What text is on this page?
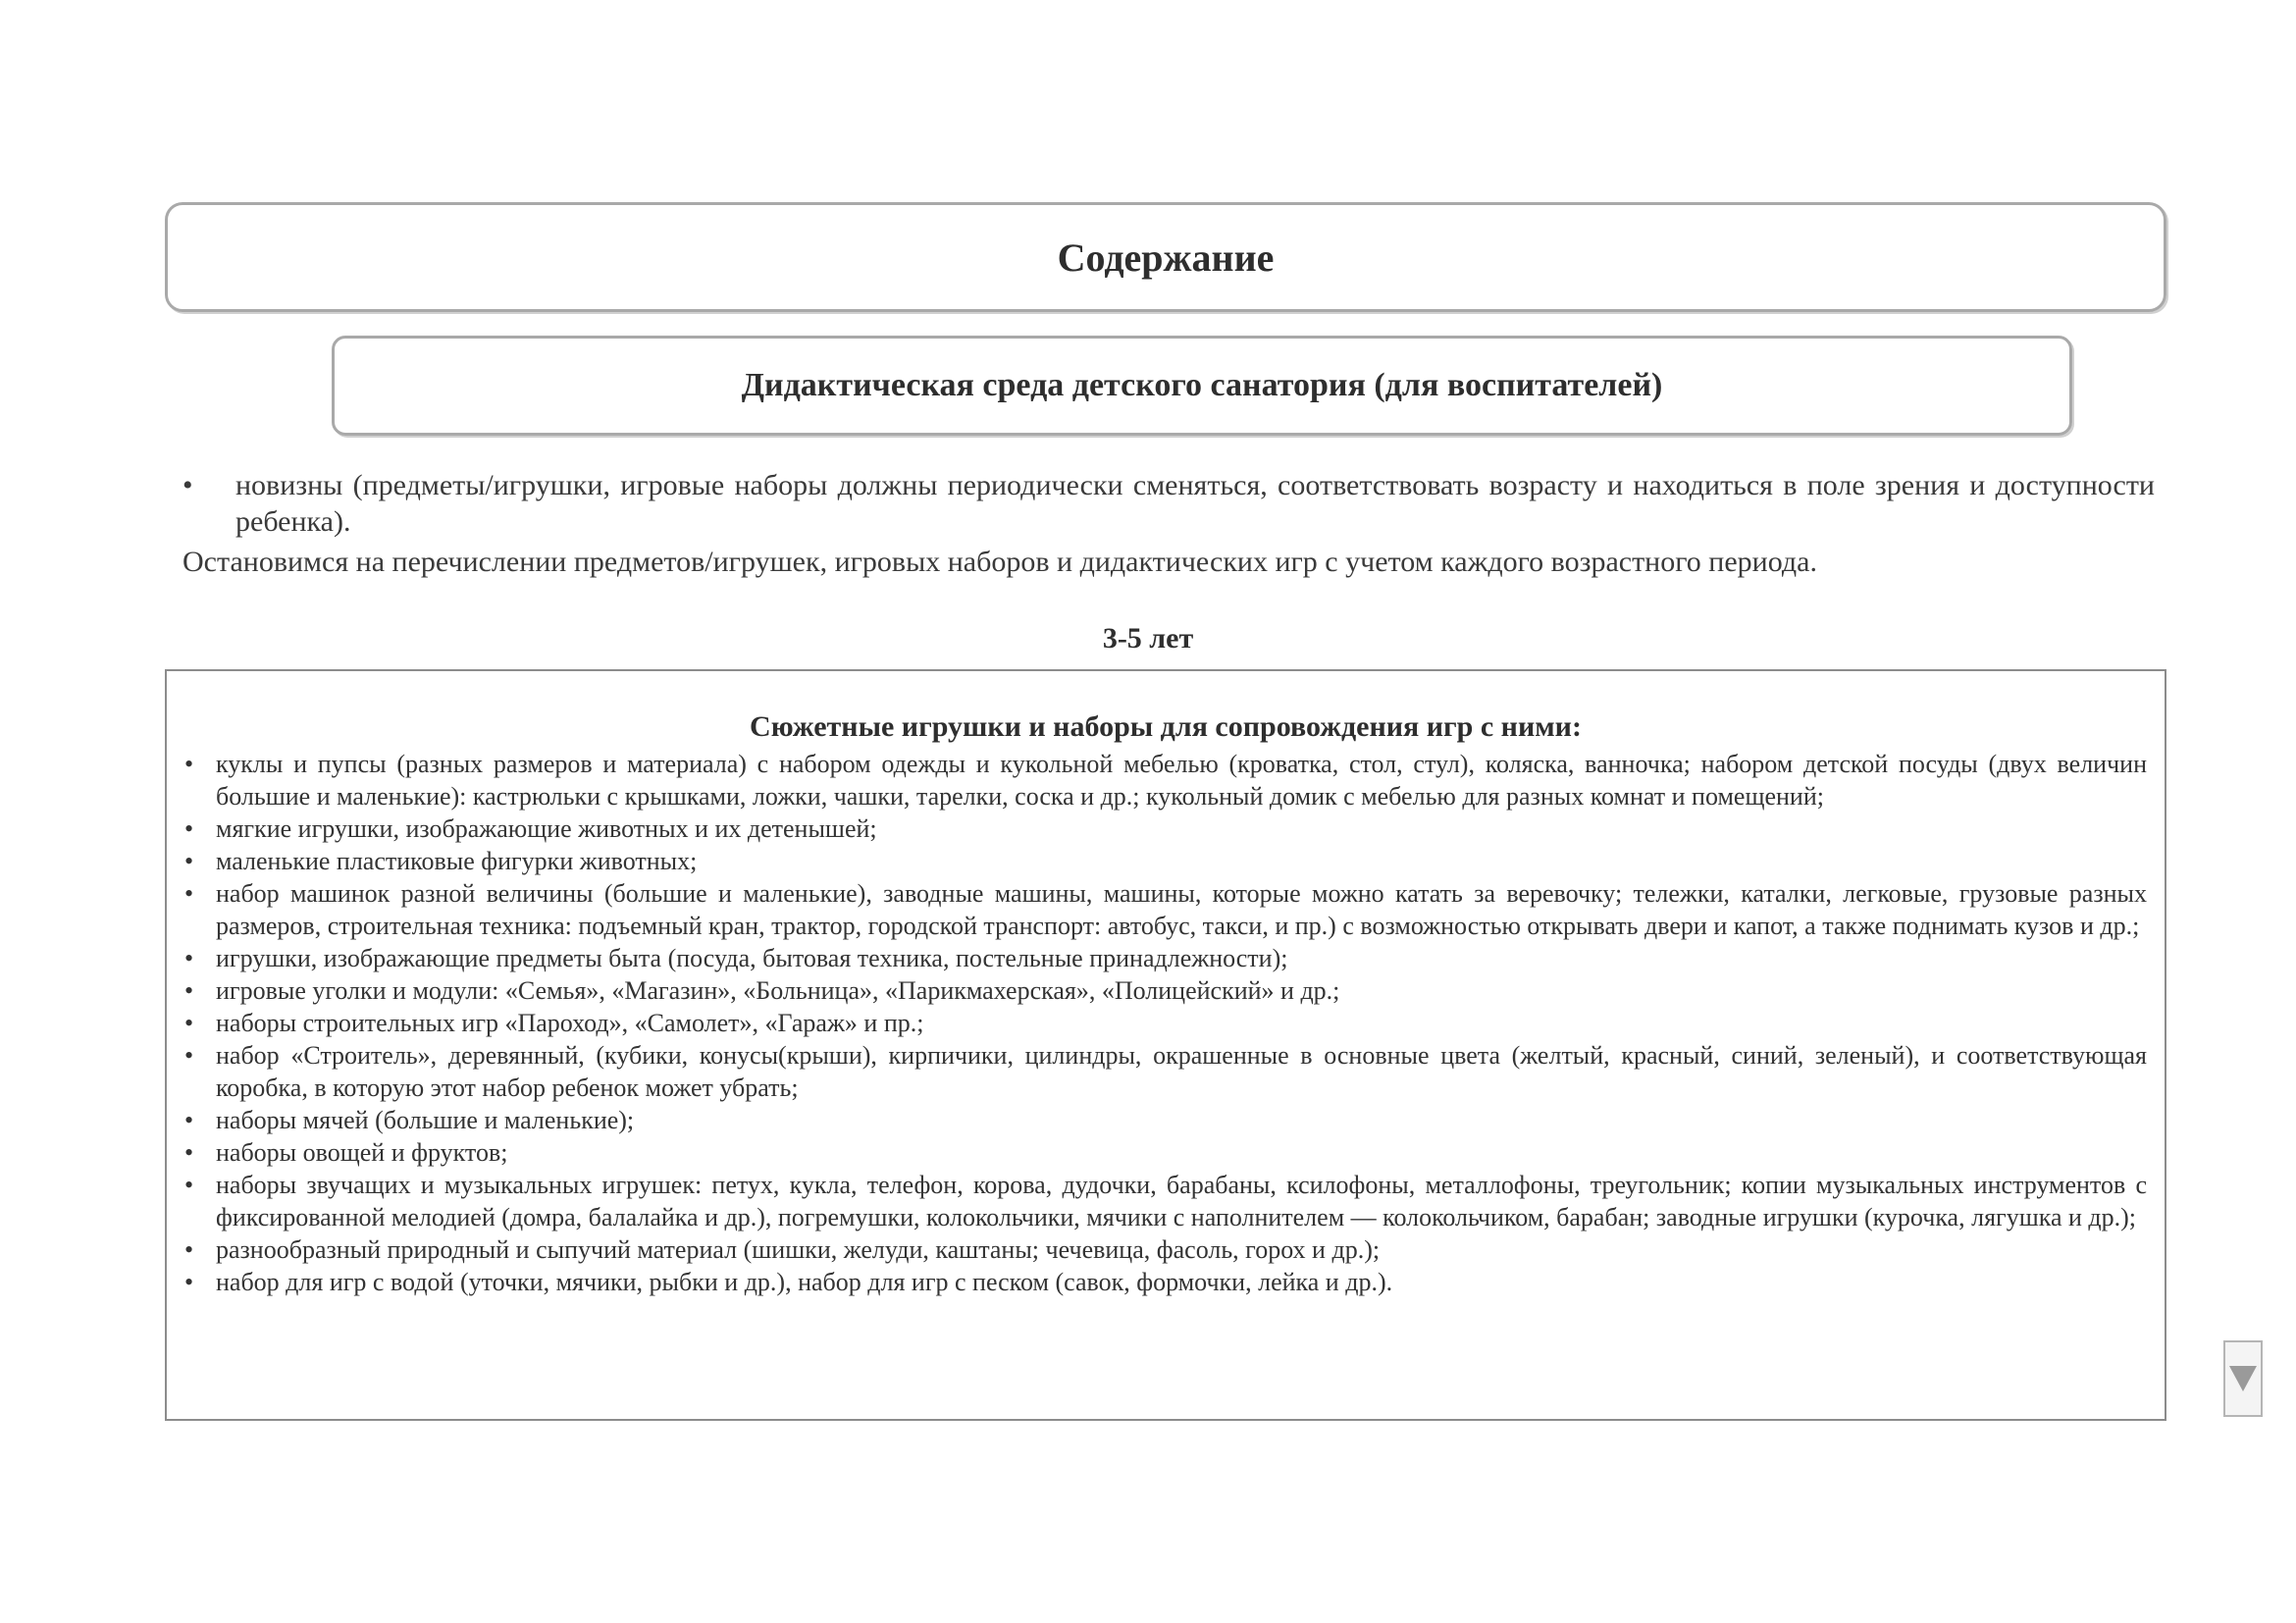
Содержание
Дидактическая среда детского санатория (для воспитателей)
• новизны (предметы/игрушки, игровые наборы должны периодически сменяться, соответствовать возрасту и находиться в поле зрения и доступности ребенка).

Остановимся на перечислении предметов/игрушек, игровых наборов и дидактических игр с учетом каждого возрастного периода.

3-5 лет
Сюжетные игрушки и наборы для сопровождения игр с ними:
• куклы и пупсы (разных размеров и материала) с набором одежды и кукольной мебелью (кроватка, стол, стул), коляска, ванночка; набором детской посуды (двух величин большие и маленькие): кастрюльки с крышками, ложки, чашки, тарелки, соска и др.; кукольный домик с мебелью для разных комнат и помещений;
• мягкие игрушки, изображающие животных и их детенышей;
• маленькие пластиковые фигурки животных;
• набор машинок разной величины (большие и маленькие), заводные машины, машины, которые можно катать за веревочку; тележки, каталки, легковые, грузовые разных размеров, строительная техника: подъемный кран, трактор, городской транспорт: автобус, такси, и пр.) с возможностью открывать двери и капот, а также поднимать кузов и др.;
• игрушки, изображающие предметы быта (посуда, бытовая техника, постельные принадлежности);
• игровые уголки и модули: «Семья», «Магазин», «Больница», «Парикмахерская», «Полицейский» и др.;
• наборы строительных игр «Пароход», «Самолет», «Гараж» и пр.;
• набор «Строитель», деревянный, (кубики, конусы(крыши), кирпичики, цилиндры, окрашенные в основные цвета (желтый, красный, синий, зеленый), и соответствующая коробка, в которую этот набор ребенок может убрать;
• наборы мячей (большие и маленькие);
• наборы овощей и фруктов;
• наборы звучащих и музыкальных игрушек: петух, кукла, телефон, корова, дудочки, барабаны, ксилофоны, металлофоны, треугольник; копии музыкальных инструментов с фиксированной мелодией (домра, балалайка и др.), погремушки, колокольчики, мячики с наполнителем — колокольчиком, барабан; заводные игрушки (курочка, лягушка и др.);
• разнообразный природный и сыпучий материал (шишки, желуди, каштаны; чечевица, фасоль, горох и др.);
• набор для игр с водой (уточки, мячики, рыбки и др.), набор для игр с песком (савок, формочки, лейка и др.).
